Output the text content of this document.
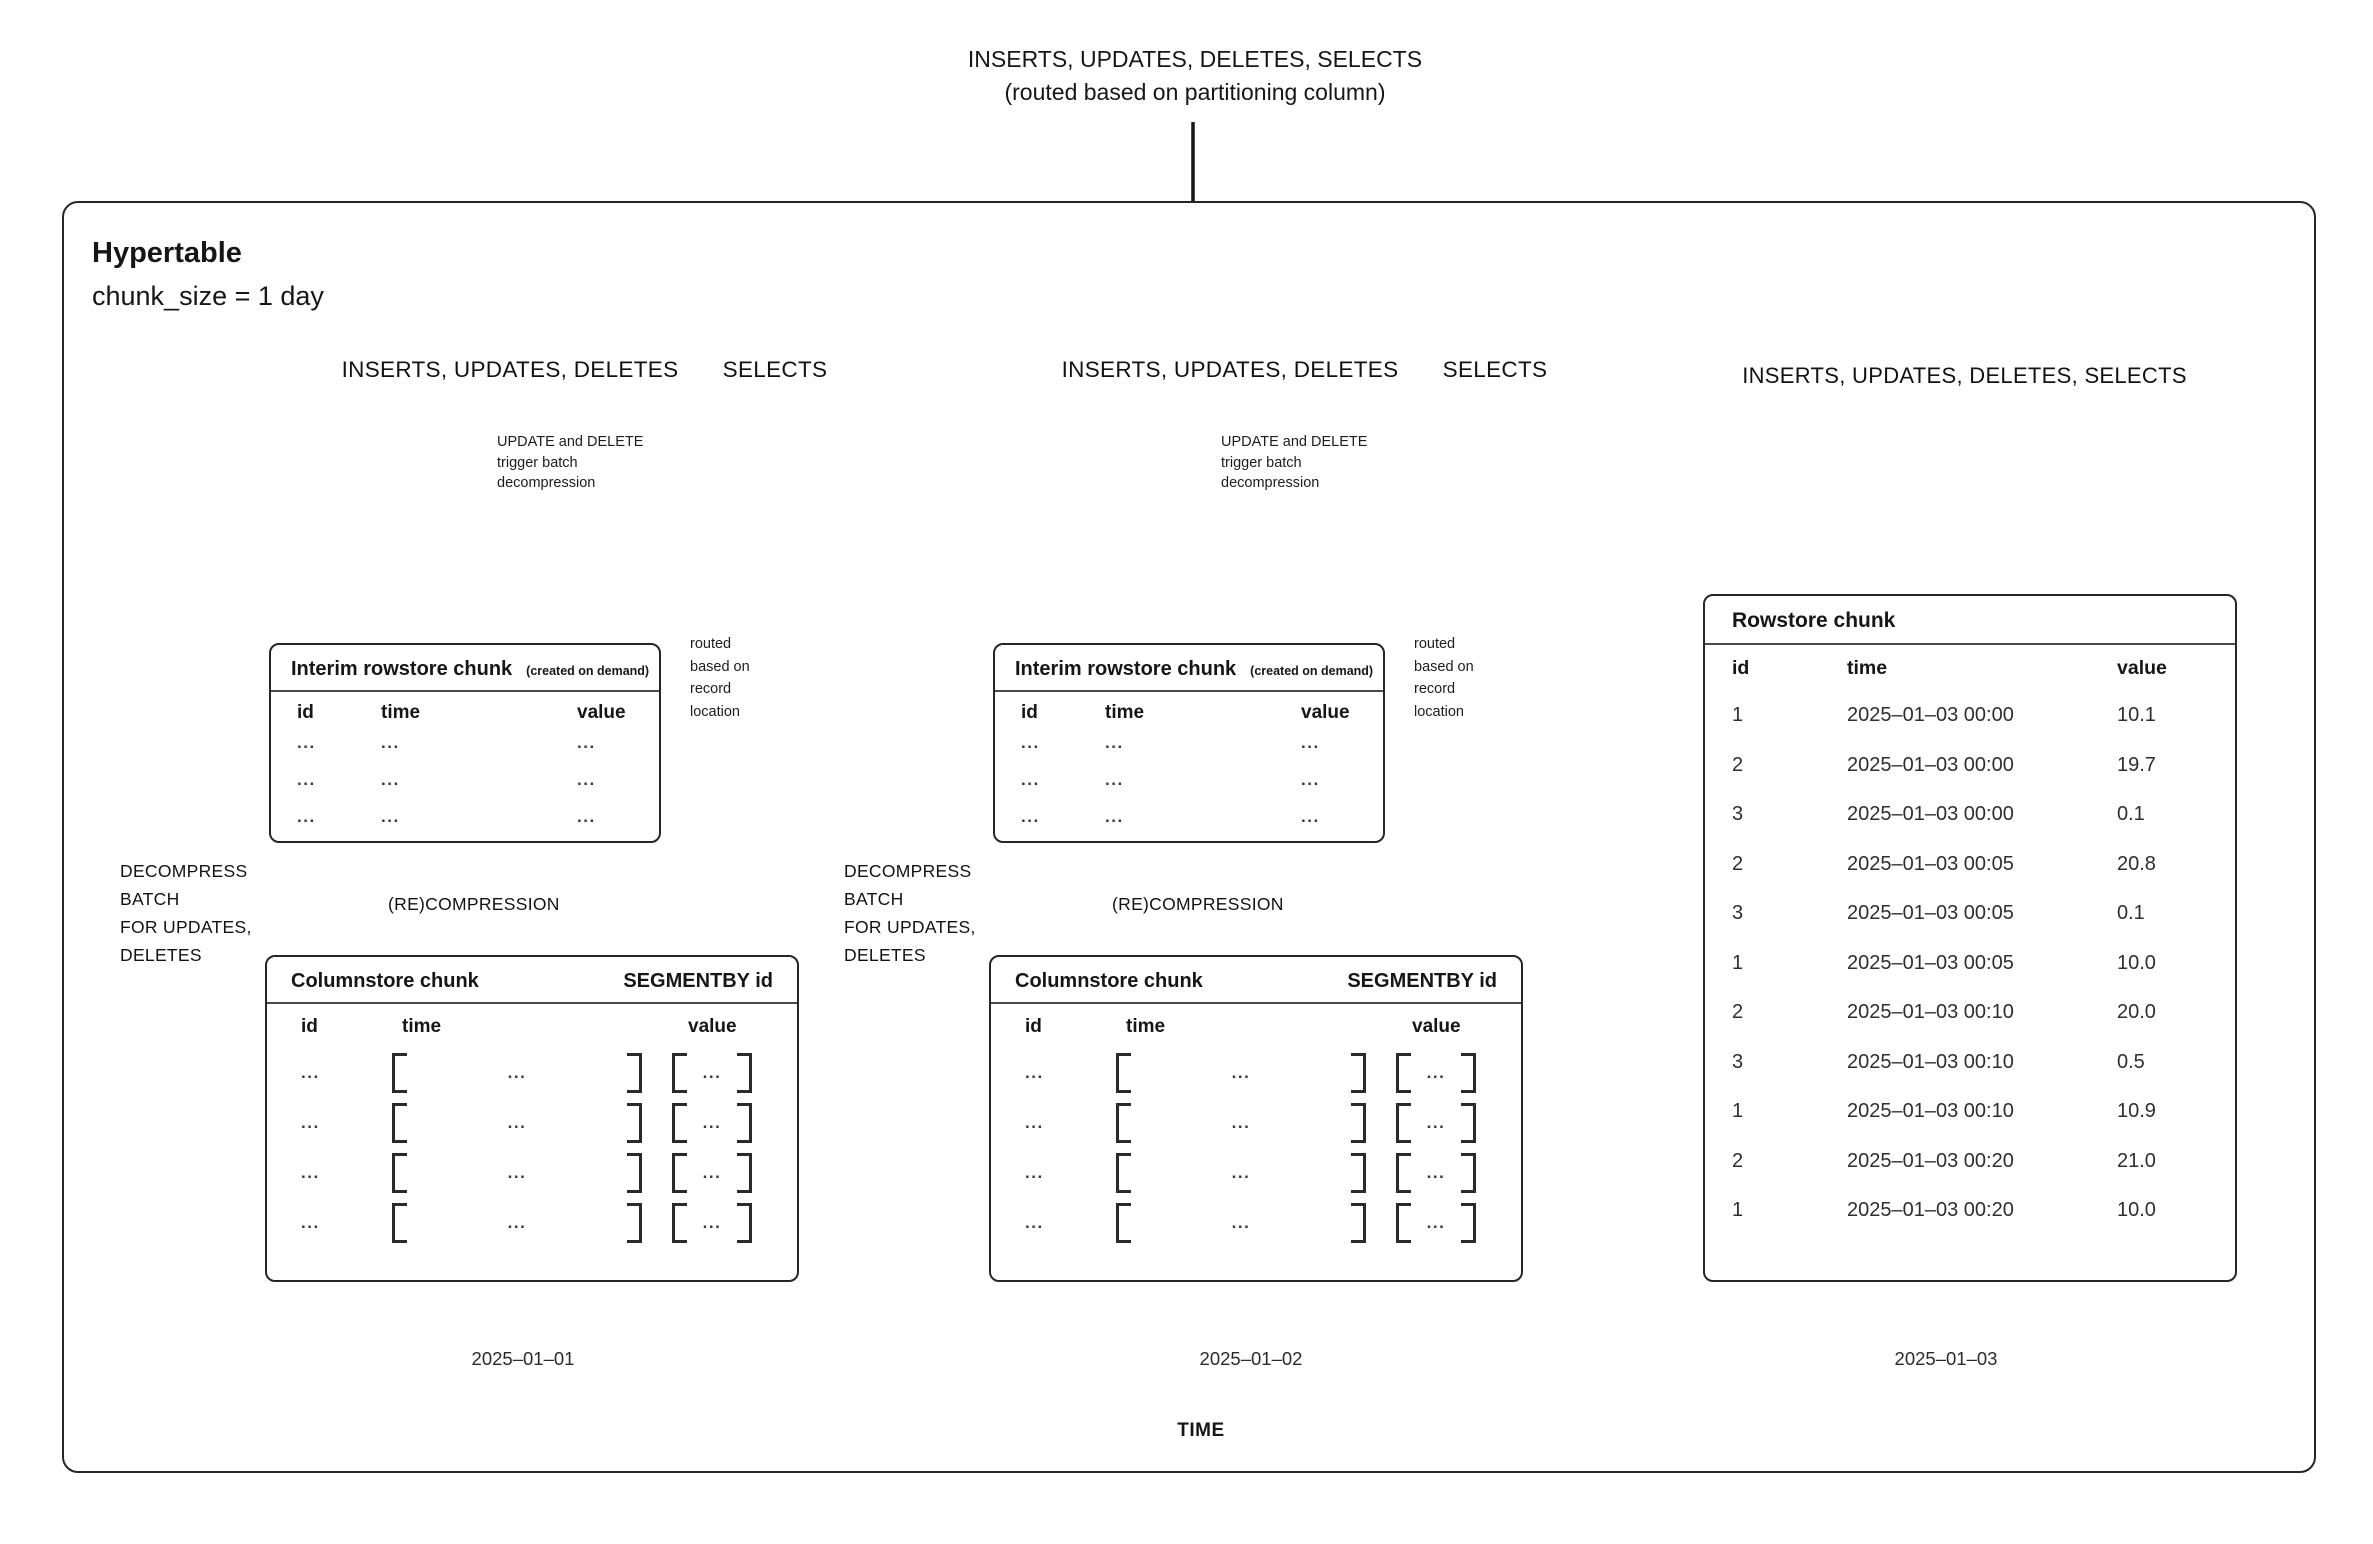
INSERTS, UPDATES, DELETES, SELECTS
(routed based on partitioning column)
Hypertable
chunk_size = 1 day
INSERTS, UPDATES, DELETES	SELECTS	INSERTS, UPDATES, DELETES	SELECTS	INSERTS, UPDATES, DELETES, SELECTS
UPDATE and DELETE
trigger batch
decompression
UPDATE and DELETE
trigger batch
decompression
routed
based on
record
location
routed
based on
record
location
DECOMPRESS
BATCH
FOR UPDATES,
DELETES
DECOMPRESS
BATCH
FOR UPDATES,
DELETES
(RE)COMPRESSION	(RE)COMPRESSION
Interim rowstore chunk (created on demand)
id	time	value
...	...	...
...	...	...
...	...	...
Interim rowstore chunk (created on demand)
id	time	value
...	...	...
...	...	...
...	...	...
Columnstore chunk	SEGMENTBY id
id	time	value
...	...	...
...	...	...
...	...	...
...	...	...
Columnstore chunk	SEGMENTBY id
id	time	value
...	...	...
...	...	...
...	...	...
...	...	...
Rowstore chunk
id	time	value
1	2025–01–03 00:00	10.1
2	2025–01–03 00:00	19.7
3	2025–01–03 00:00	0.1
2	2025–01–03 00:05	20.8
3	2025–01–03 00:05	0.1
1	2025–01–03 00:05	10.0
2	2025–01–03 00:10	20.0
3	2025–01–03 00:10	0.5
1	2025–01–03 00:10	10.9
2	2025–01–03 00:20	21.0
1	2025–01–03 00:20	10.0
2025–01–01	2025–01–02	2025–01–03
TIME
